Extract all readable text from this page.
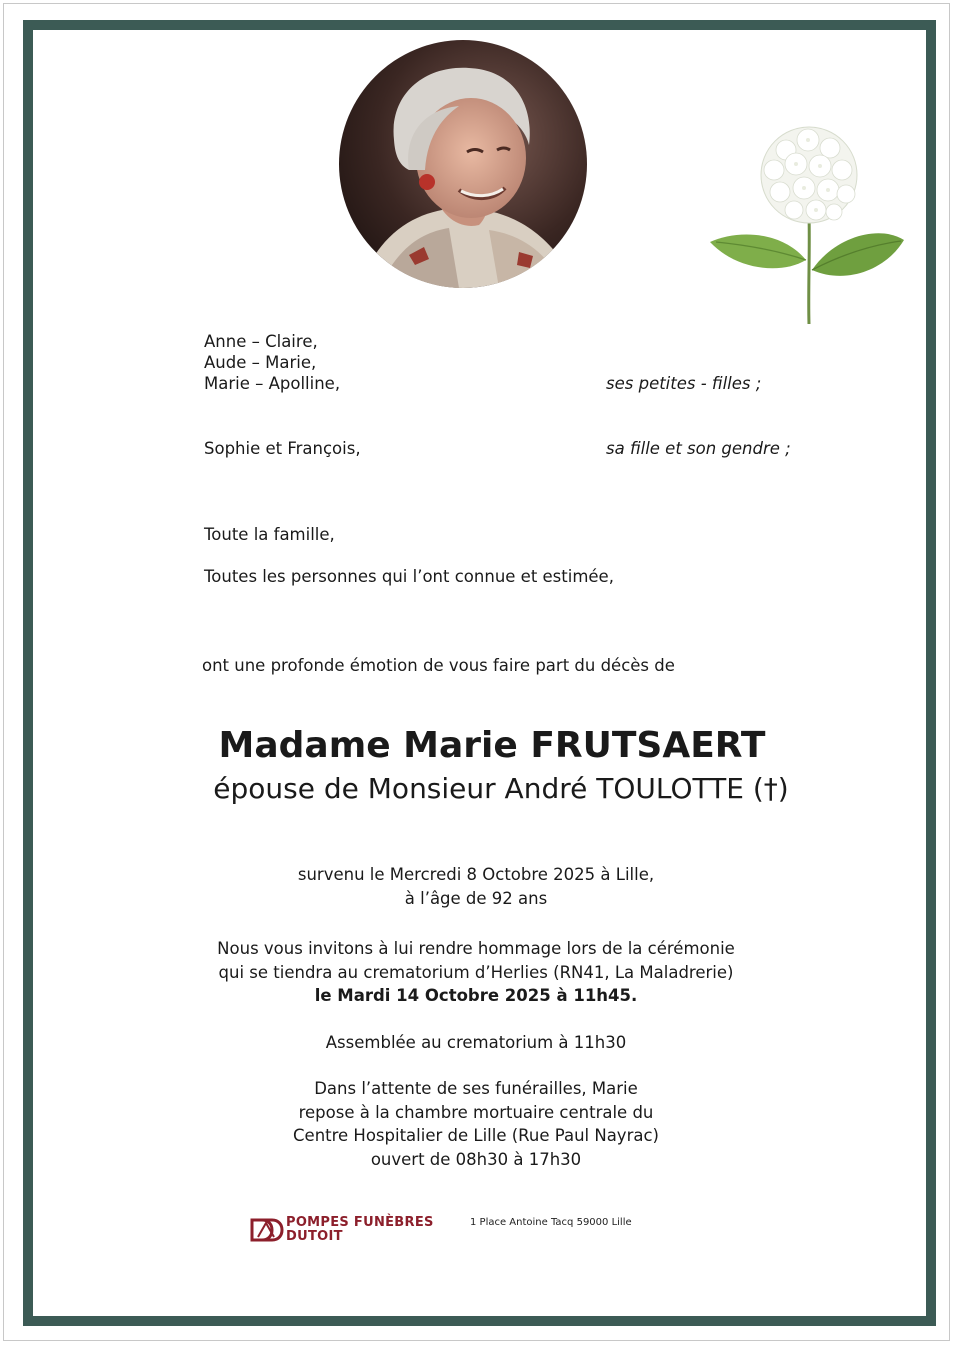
Anne – Claire,
Aude – Marie,
Marie – Apolline,	ses petites - filles ;
Sophie et François,	sa fille et son gendre ;
Toute la famille,
Toutes les personnes qui l’ont connue et estimée,
ont une profonde émotion de vous faire part du décès de
Madame Marie FRUTSAERT
épouse de Monsieur André TOULOTTE (†)
survenu le Mercredi 8 Octobre 2025 à Lille,
à l’âge de 92 ans
Nous vous invitons à lui rendre hommage lors de la cérémonie
qui se tiendra au crematorium d’Herlies (RN41, La Maladrerie)
le Mardi 14 Octobre 2025 à 11h45.
Assemblée au crematorium à 11h30
Dans l’attente de ses funérailles, Marie
repose à la chambre mortuaire centrale du
Centre Hospitalier de Lille (Rue Paul Nayrac)
ouvert de 08h30 à 17h30
POMPES FUNÈBRES
DUTOIT
1 Place Antoine Tacq 59000 Lille
